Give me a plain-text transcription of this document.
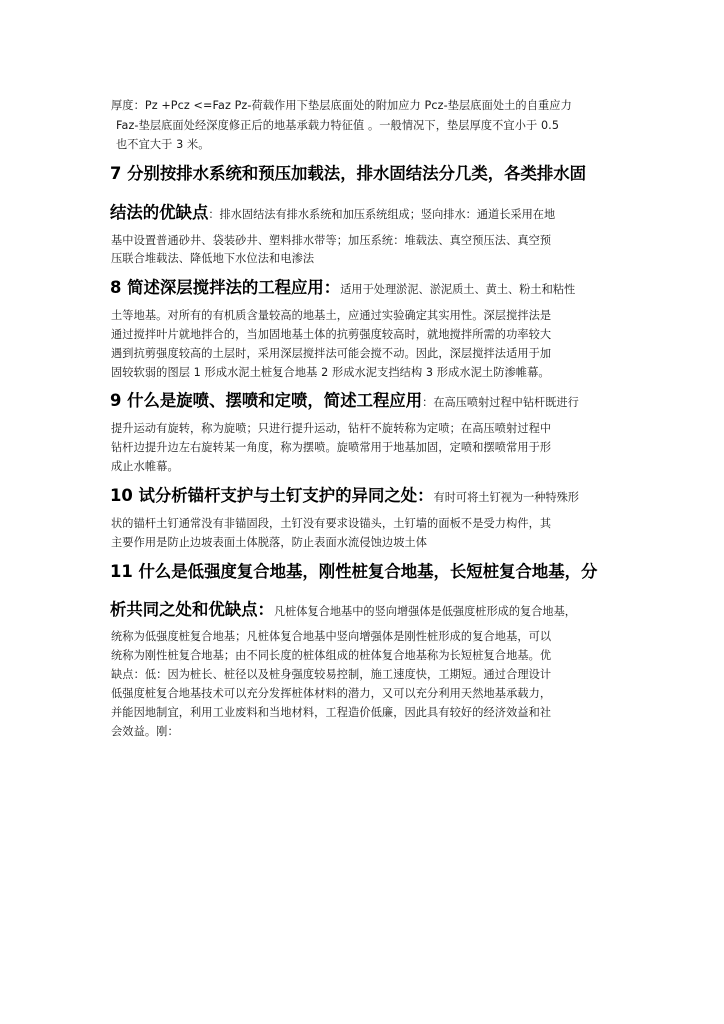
厚度：Pz +Pcz <=Faz Pz-荷载作用下垫层底面处的附加应力 Pcz-垫层底面处土的自重应力
Faz-垫层底面处经深度修正后的地基承载力特征值 。一般情况下，垫层厚度不宜小于 0.5
也不宜大于 3 米。
7 分别按排水系统和预压加载法，排水固结法分几类，各类排水固
结法的优缺点：排水固结法有排水系统和加压系统组成；竖向排水：通道长采用在地
基中设置普通砂井、袋装砂井、塑料排水带等；加压系统：堆载法、真空预压法、真空预
压联合堆载法、降低地下水位法和电渗法
8 简述深层搅拌法的工程应用：适用于处理淤泥、淤泥质土、黄土、粉土和粘性
土等地基。对所有的有机质含量较高的地基土，应通过实验确定其实用性。深层搅拌法是
通过搅拌叶片就地拌合的，当加固地基土体的抗剪强度较高时，就地搅拌所需的功率较大
遇到抗剪强度较高的土层时，采用深层搅拌法可能会搅不动。因此，深层搅拌法适用于加
固较软弱的图层 1 形成水泥土桩复合地基 2 形成水泥支挡结构 3 形成水泥土防渗帷幕。
9 什么是旋喷、摆喷和定喷，简述工程应用：在高压喷射过程中钻杆既进行
提升运动有旋转，称为旋喷；只进行提升运动，钻杆不旋转称为定喷；在高压喷射过程中
钻杆边提升边左右旋转某一角度，称为摆喷。旋喷常用于地基加固，定喷和摆喷常用于形
成止水帷幕。
10 试分析锚杆支护与土钉支护的异同之处：有时可将土钉视为一种特殊形
状的锚杆土钉通常没有非锚固段，土钉没有要求设锚头，土钉墙的面板不是受力构件，其
主要作用是防止边坡表面土体脱落，防止表面水流侵蚀边坡土体
11 什么是低强度复合地基，刚性桩复合地基，长短桩复合地基，分
析共同之处和优缺点：凡桩体复合地基中的竖向增强体是低强度桩形成的复合地基，
统称为低强度桩复合地基；凡桩体复合地基中竖向增强体是刚性桩形成的复合地基，可以
统称为刚性桩复合地基；由不同长度的桩体组成的桩体复合地基称为长短桩复合地基。优
缺点：低：因为桩长、桩径以及桩身强度较易控制，施工速度快，工期短。通过合理设计
低强度桩复合地基技术可以充分发挥桩体材料的潜力，又可以充分利用天然地基承载力，
并能因地制宜，利用工业废料和当地材料，工程造价低廉，因此具有较好的经济效益和社
会效益。刚：
